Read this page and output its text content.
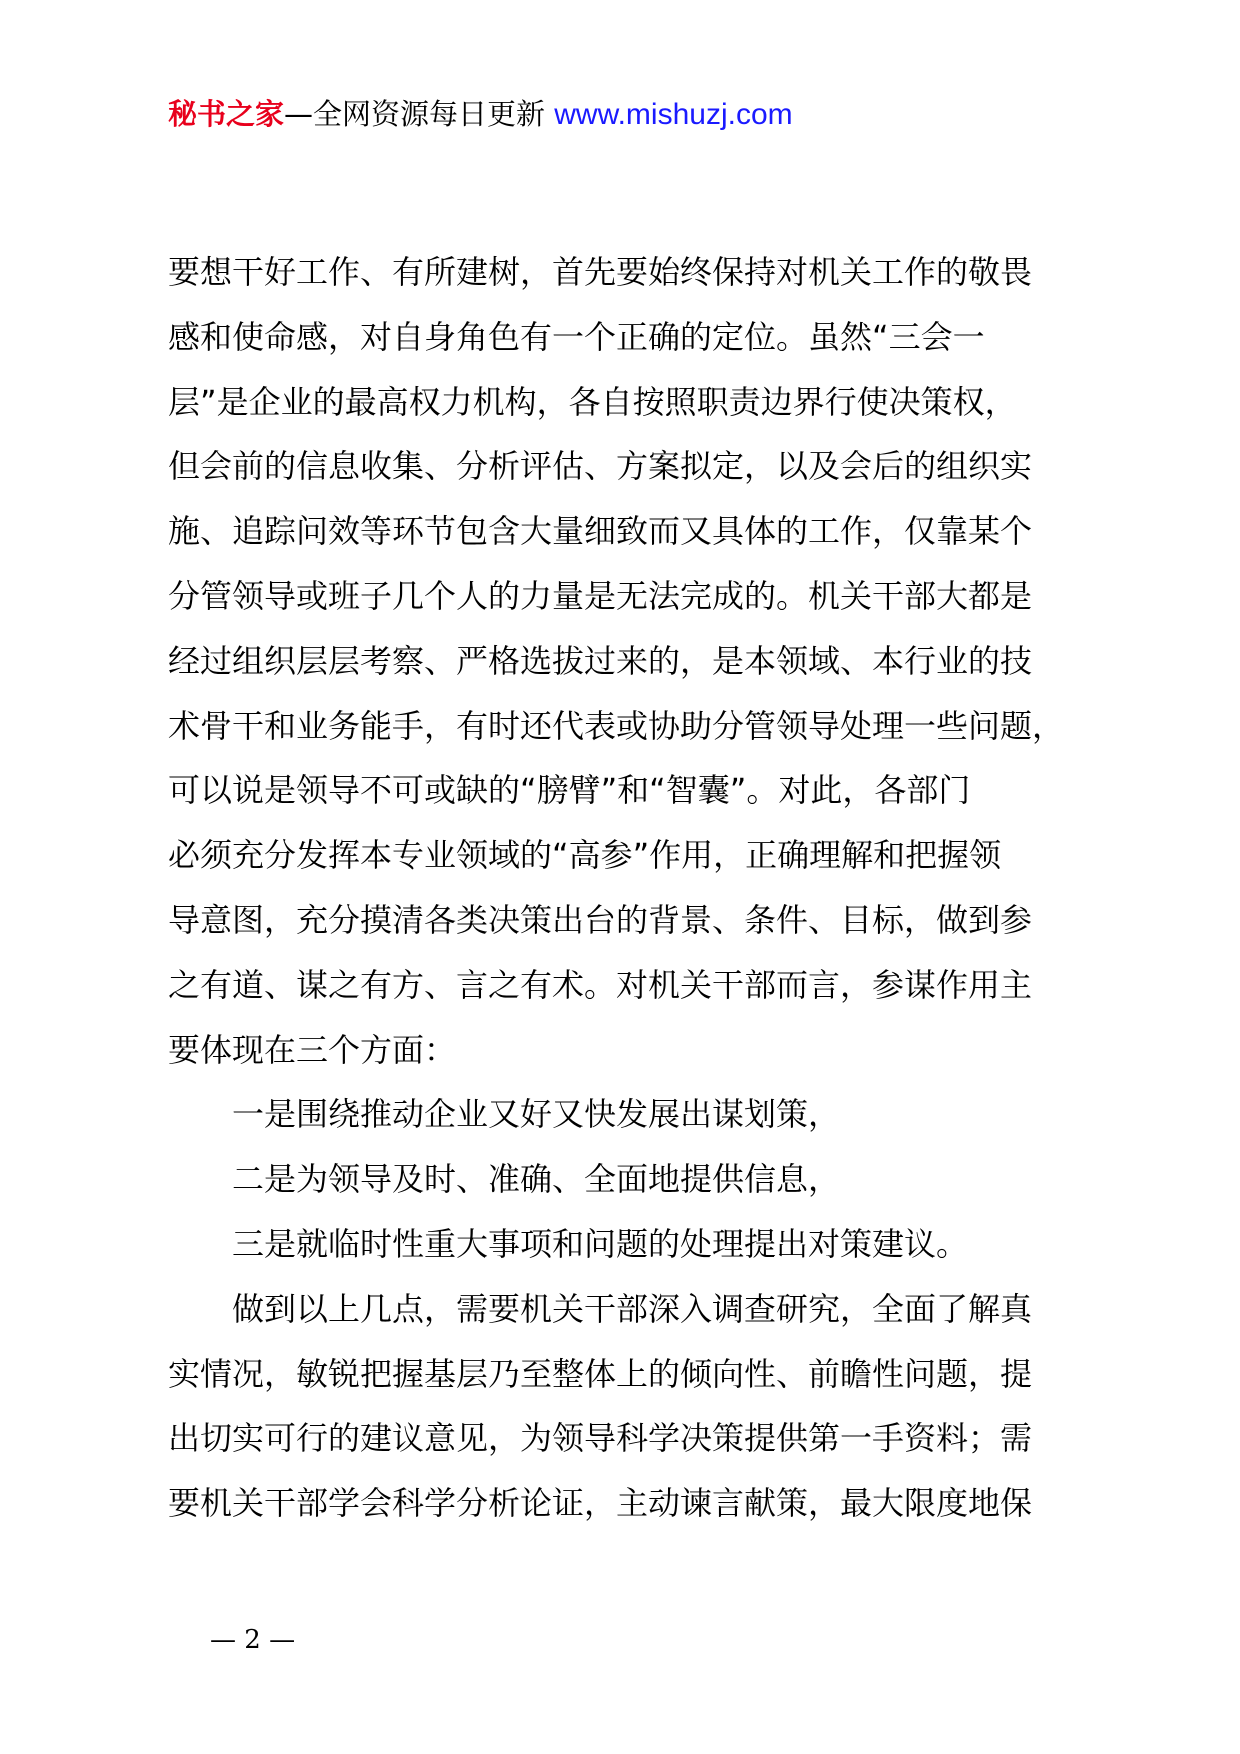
秘书之家—全网资源每日更新 www.mishuzj.com
要想干好工作、有所建树，首先要始终保持对机关工作的敬畏
感和使命感，对自身角色有一个正确的定位。虽然“三会一
层”是企业的最高权力机构，各自按照职责边界行使决策权，
但会前的信息收集、分析评估、方案拟定，以及会后的组织实
施、追踪问效等环节包含大量细致而又具体的工作，仅靠某个
分管领导或班子几个人的力量是无法完成的。机关干部大都是
经过组织层层考察、严格选拔过来的，是本领域、本行业的技
术骨干和业务能手，有时还代表或协助分管领导处理一些问题，
可以说是领导不可或缺的“膀臂”和“智囊”。对此，各部门
必须充分发挥本专业领域的“高参”作用，正确理解和把握领
导意图，充分摸清各类决策出台的背景、条件、目标，做到参
之有道、谋之有方、言之有术。对机关干部而言，参谋作用主
要体现在三个方面：
一是围绕推动企业又好又快发展出谋划策，
二是为领导及时、准确、全面地提供信息，
三是就临时性重大事项和问题的处理提出对策建议。
做到以上几点，需要机关干部深入调查研究，全面了解真
实情况，敏锐把握基层乃至整体上的倾向性、前瞻性问题，提
出切实可行的建议意见，为领导科学决策提供第一手资料；需
要机关干部学会科学分析论证，主动谏言献策，最大限度地保
— 2 —
